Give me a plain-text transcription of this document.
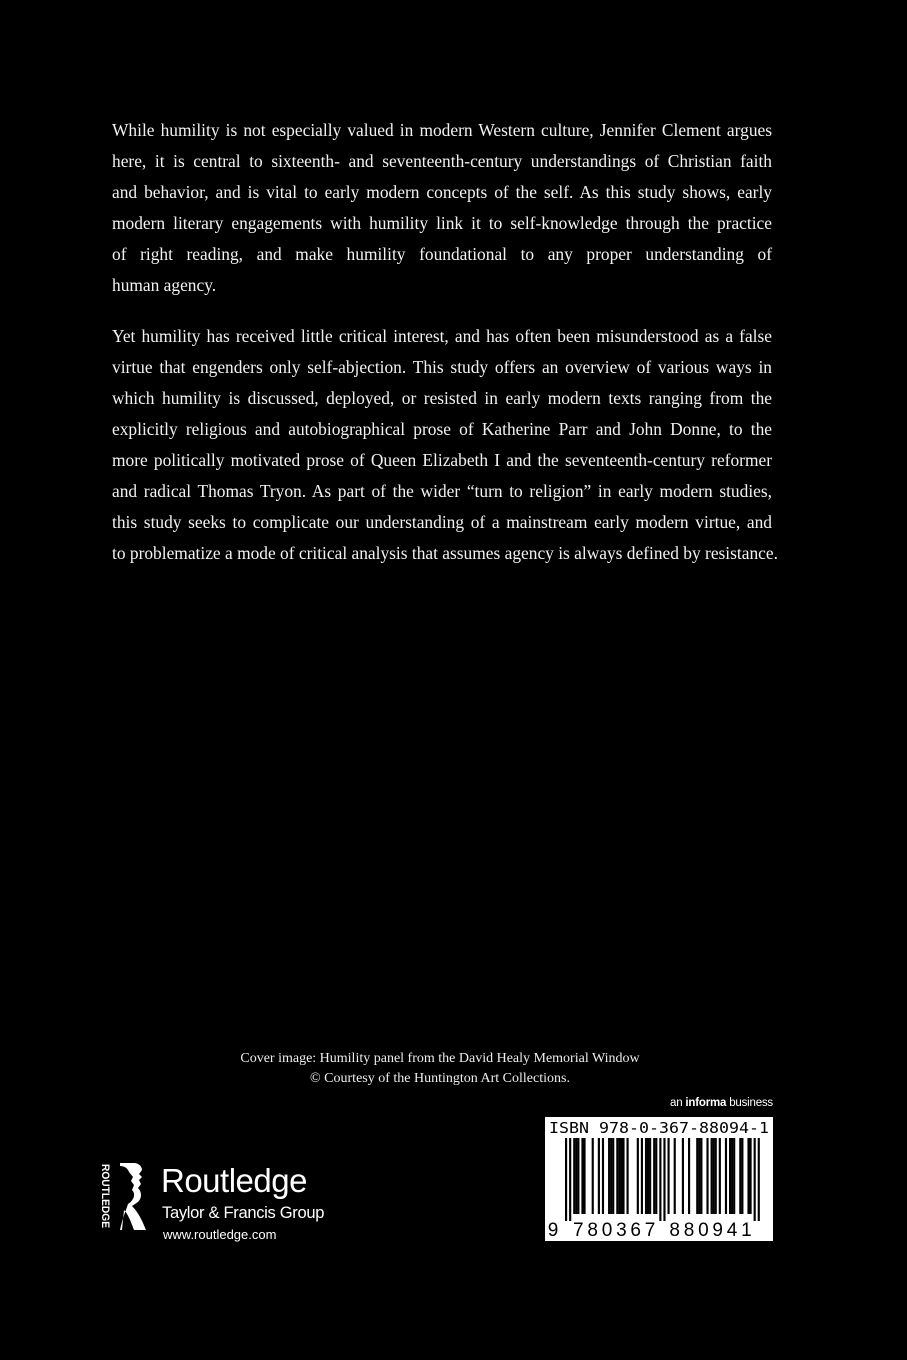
While humility is not especially valued in modern Western culture, Jennifer Clement argues
here, it is central to sixteenth- and seventeenth-century understandings of Christian faith
and behavior, and is vital to early modern concepts of the self. As this study shows, early
modern literary engagements with humility link it to self-knowledge through the practice
of right reading, and make humility foundational to any proper understanding of
human agency.
Yet humility has received little critical interest, and has often been misunderstood as a false
virtue that engenders only self-abjection. This study offers an overview of various ways in
which humility is discussed, deployed, or resisted in early modern texts ranging from the
explicitly religious and autobiographical prose of Katherine Parr and John Donne, to the
more politically motivated prose of Queen Elizabeth I and the seventeenth-century reformer
and radical Thomas Tryon. As part of the wider “turn to religion” in early modern studies,
this study seeks to complicate our understanding of a mainstream early modern virtue, and
to problematize a mode of critical analysis that assumes agency is always defined by resistance.
Cover image: Humility panel from the David Healy Memorial Window
© Courtesy of the Huntington Art Collections.
an informa business
ISBN 978-0-367-88094-1
9 7 8 0 3 6 7 8 8 0 9 4 1
ROUTLEDGE Routledge
Taylor & Francis Group
www.routledge.com
